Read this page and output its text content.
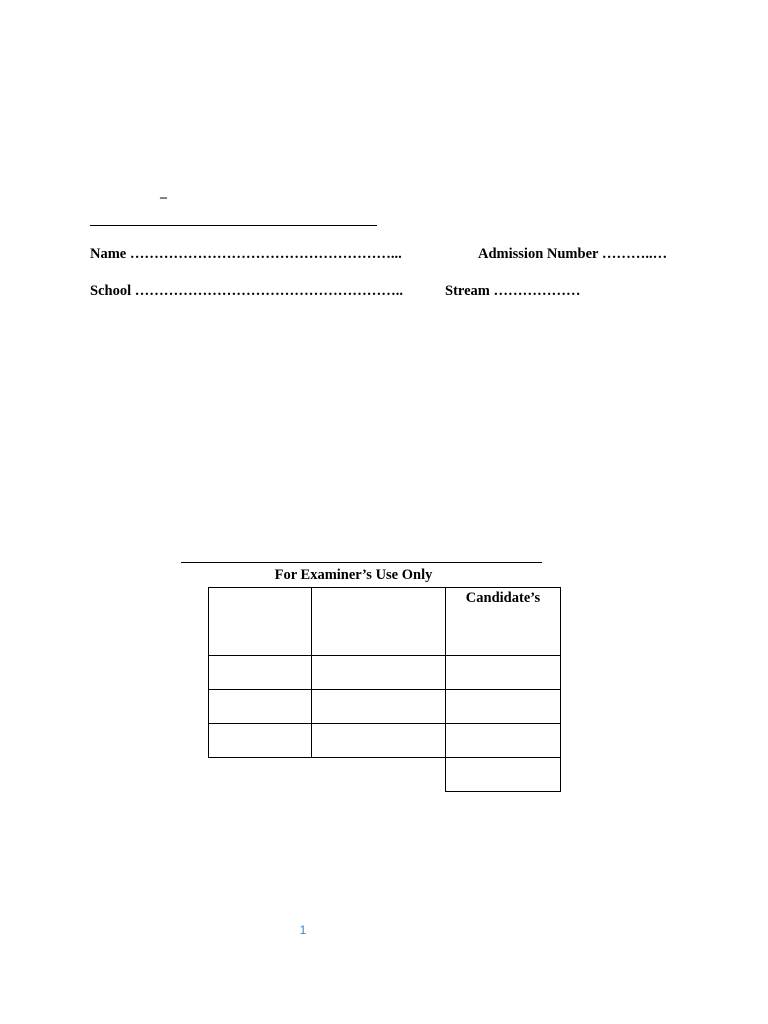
–
Name ………………………………………………...	Admission Number ………..…
School ………………………………………………..	Stream ………………
For Examiner’s Use Only

		Candidate’s

1
